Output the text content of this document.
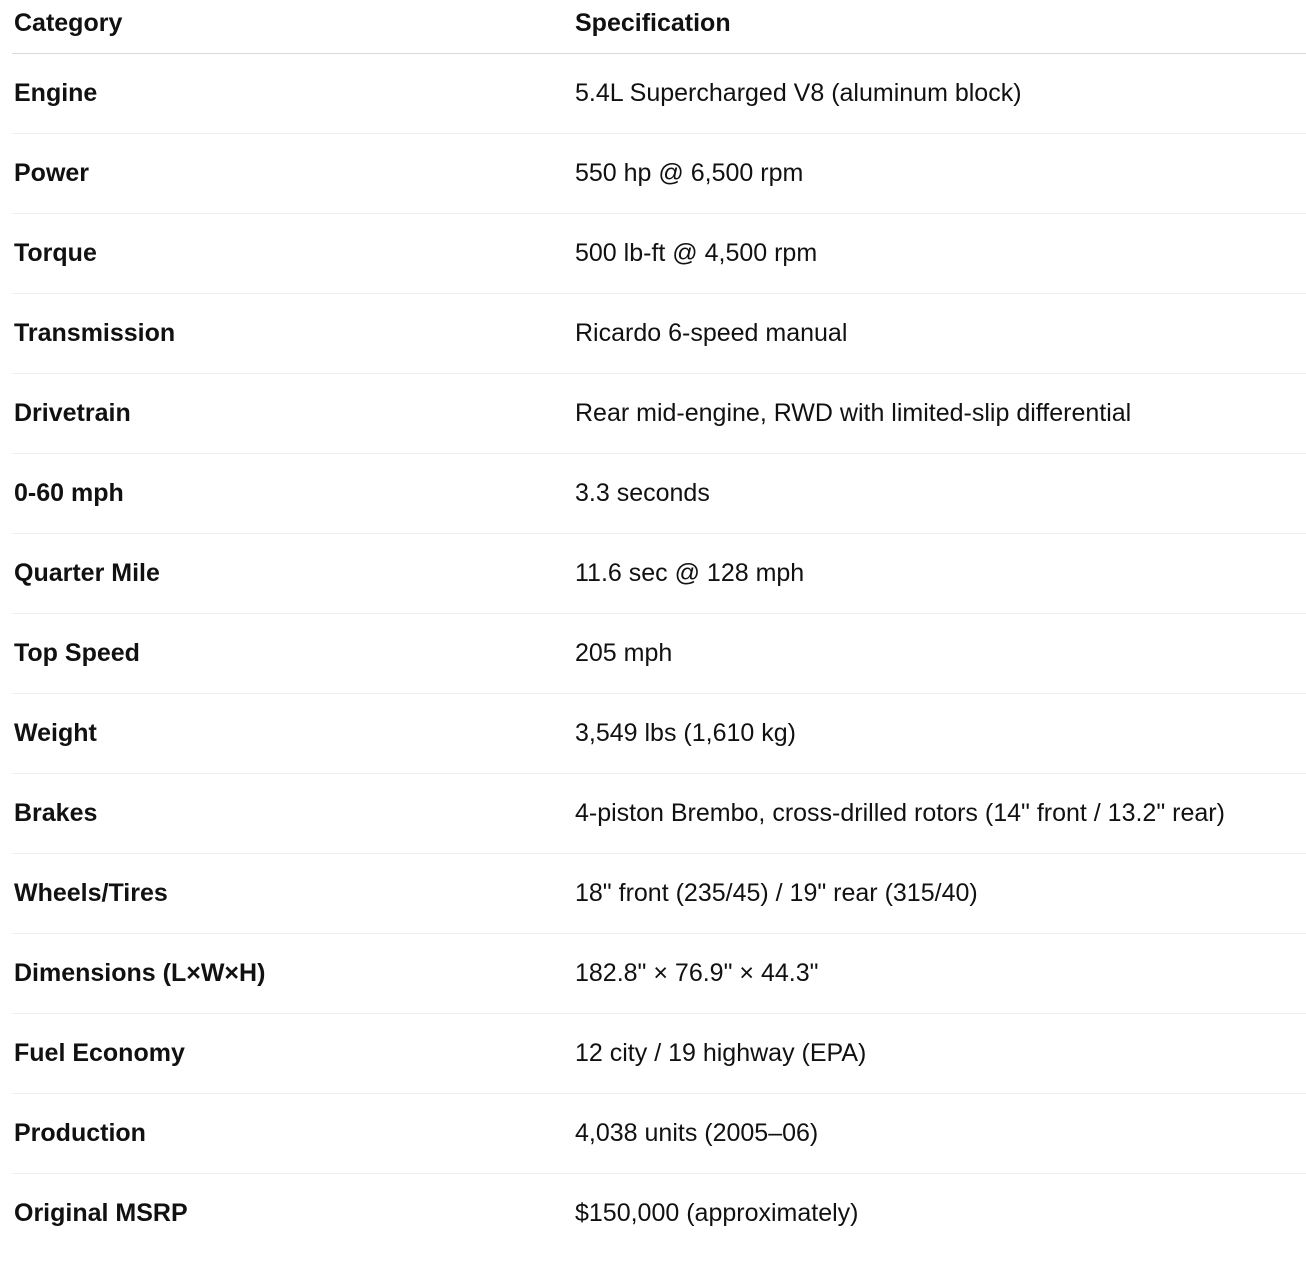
Category	Specification
Engine	5.4L Supercharged V8 (aluminum block)
Power	550 hp @ 6,500 rpm
Torque	500 lb-ft @ 4,500 rpm
Transmission	Ricardo 6-speed manual
Drivetrain	Rear mid-engine, RWD with limited-slip differential
0-60 mph	3.3 seconds
Quarter Mile	11.6 sec @ 128 mph
Top Speed	205 mph
Weight	3,549 lbs (1,610 kg)
Brakes	4-piston Brembo, cross-drilled rotors (14" front / 13.2" rear)
Wheels/Tires	18" front (235/45) / 19" rear (315/40)
Dimensions (L×W×H)	182.8" × 76.9" × 44.3"
Fuel Economy	12 city / 19 highway (EPA)
Production	4,038 units (2005–06)
Original MSRP	$150,000 (approximately)
